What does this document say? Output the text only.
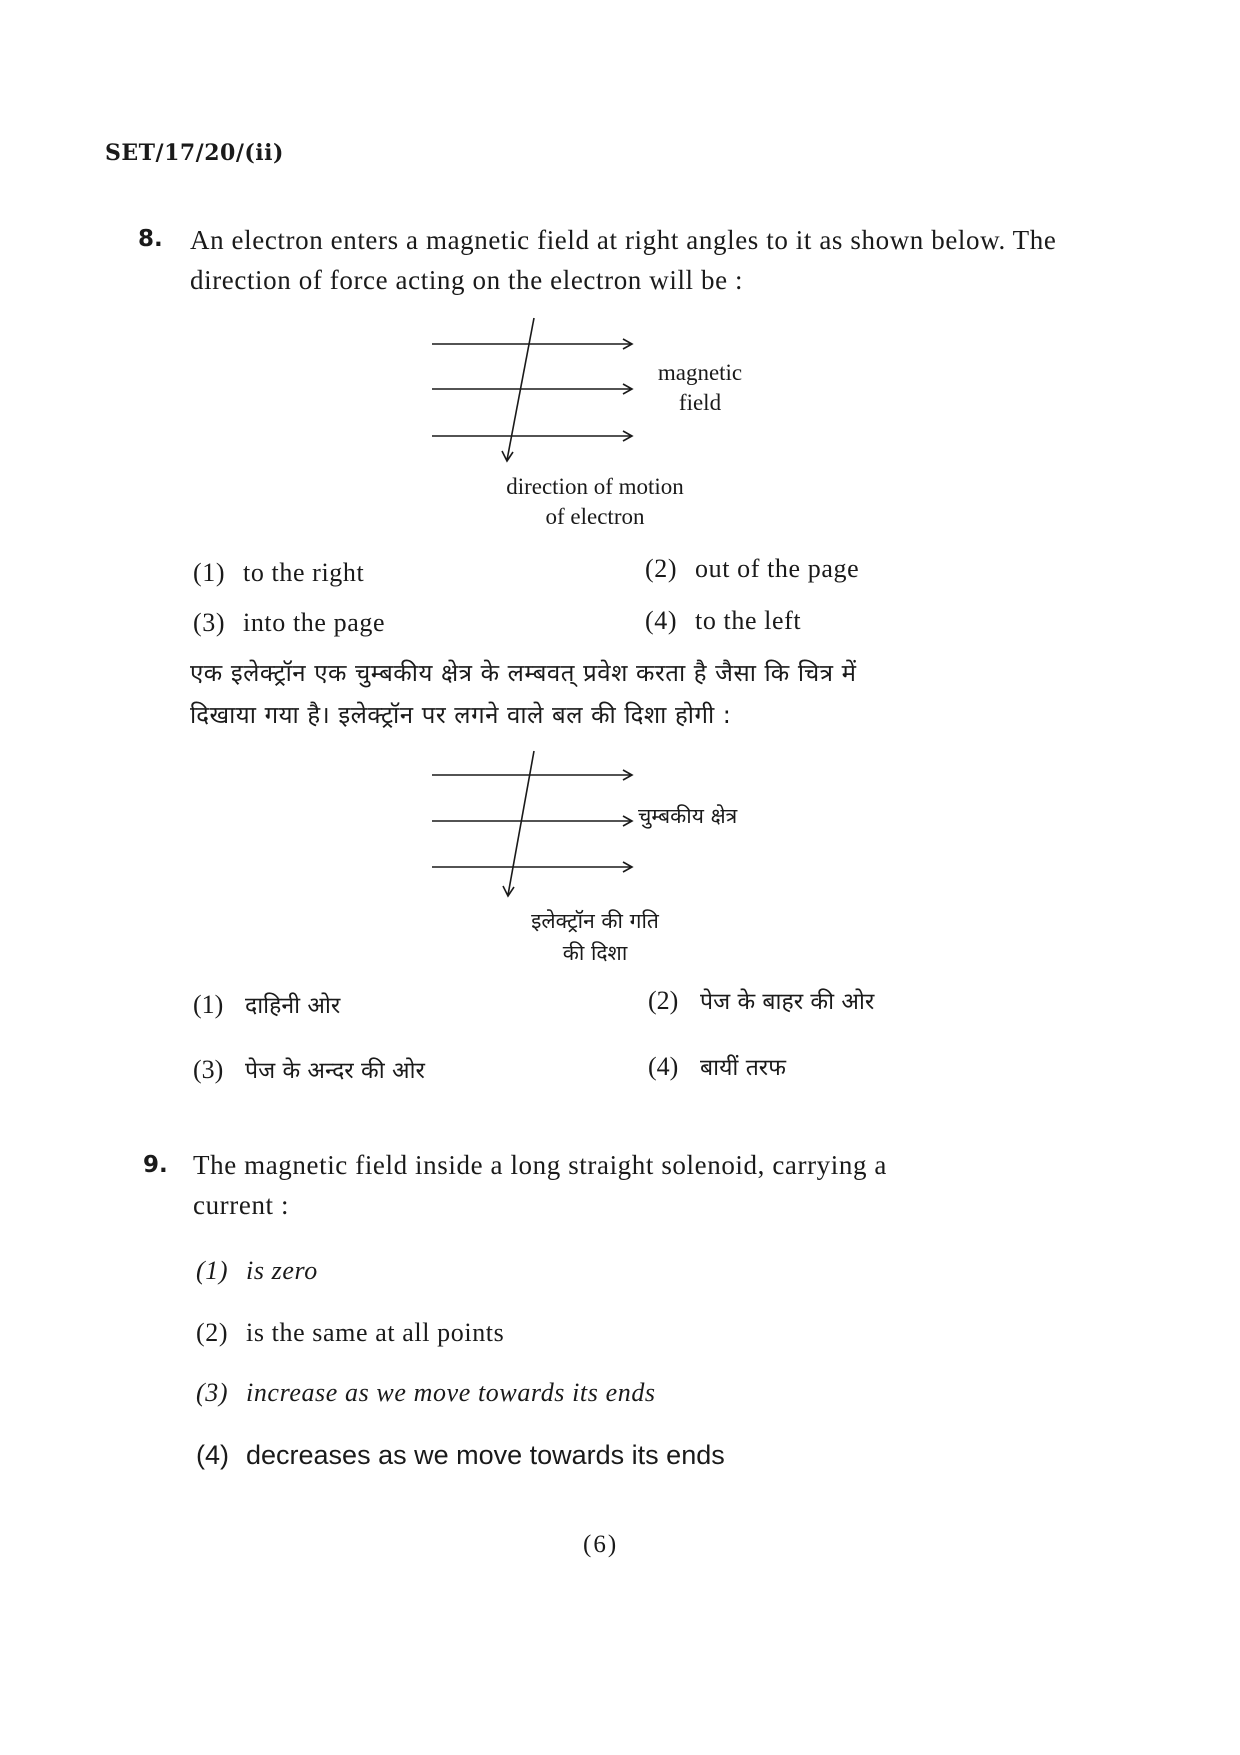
SET/17/20/(ii)
8. An electron enters a magnetic field at right angles to it as shown below. The direction of force acting on the electron will be :
magnetic
field
direction of motion
of electron
(1) to the right	(2) out of the page
(3) into the page	(4) to the left
एक इलेक्ट्रॉन एक चुम्बकीय क्षेत्र के लम्बवत् प्रवेश करता है जैसा कि चित्र में
दिखाया गया है। इलेक्ट्रॉन पर लगने वाले बल की दिशा होगी :
चुम्बकीय क्षेत्र
इलेक्ट्रॉन की गति
की दिशा
(1) दाहिनी ओर	(2) पेज के बाहर की ओर
(3) पेज के अन्दर की ओर	(4) बायीं तरफ
9. The magnetic field inside a long straight solenoid, carrying a
current :
(1) is zero
(2) is the same at all points
(3) increase as we move towards its ends
(4) decreases as we move towards its ends
(6)
